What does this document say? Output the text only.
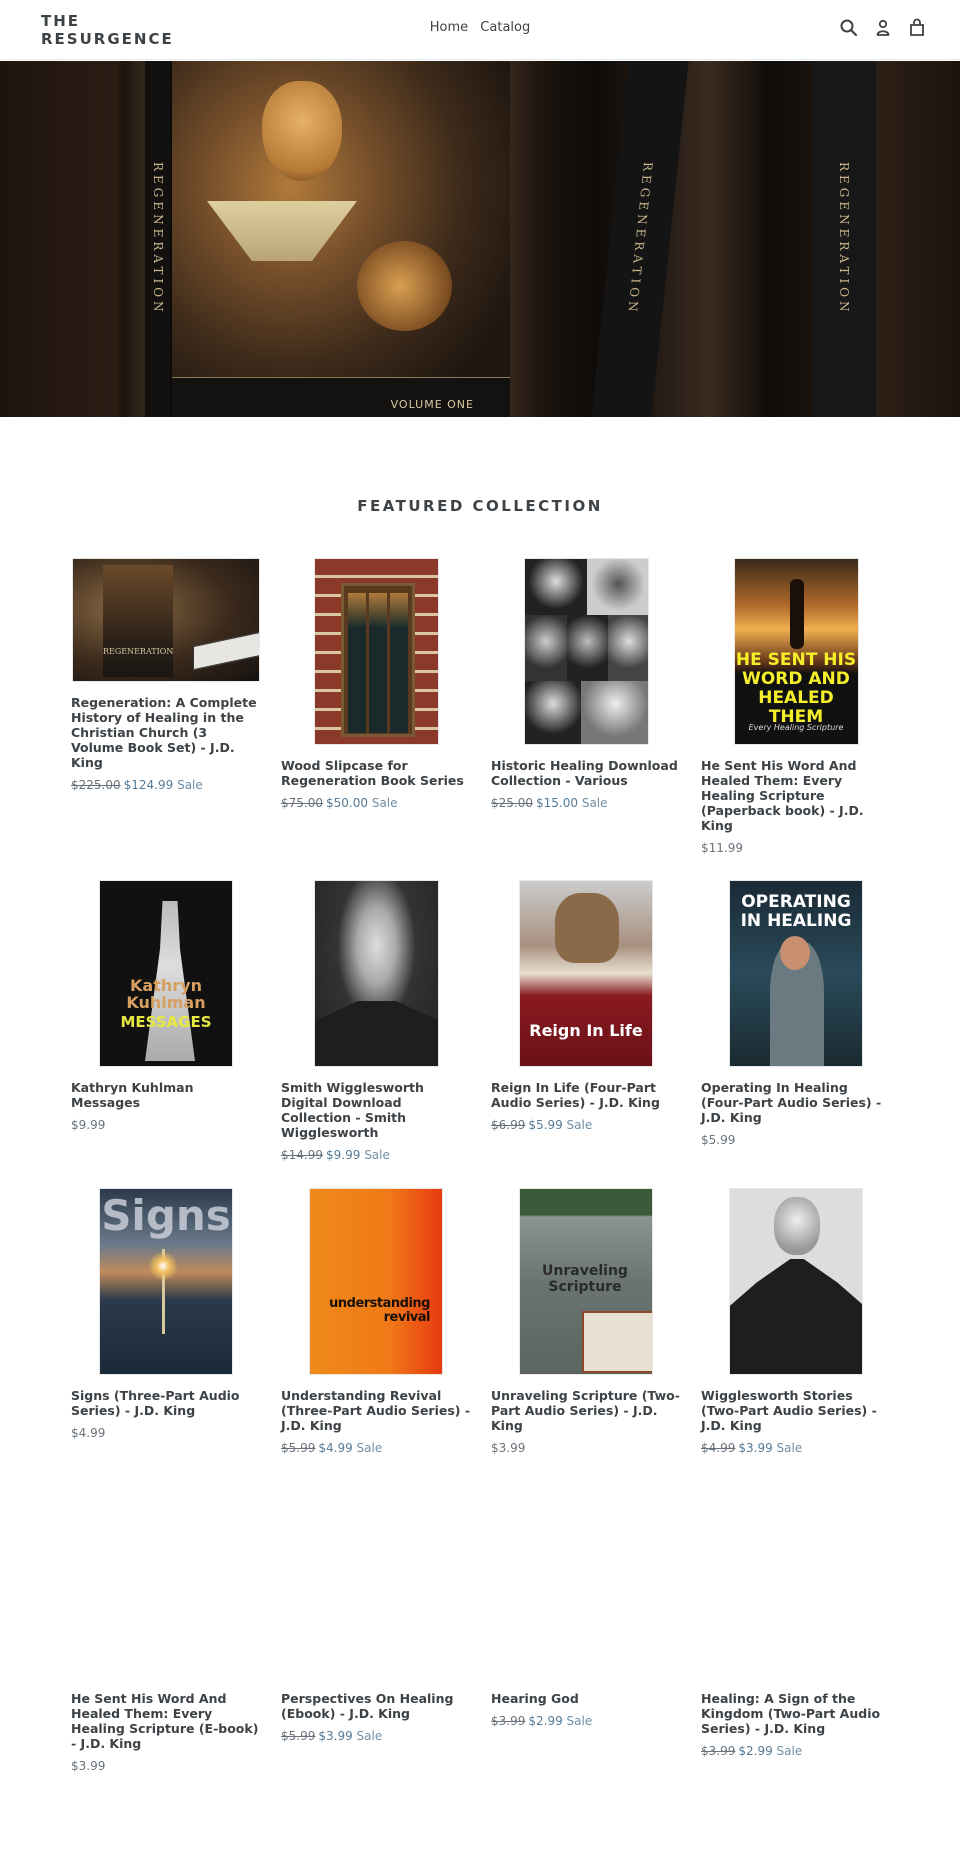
THE RESURGENCE
Home Catalog
REGENERATION
VOLUME ONE
REGENERATION	REGENERATION
FEATURED COLLECTION
REGENERATION
Regeneration: A Complete History of Healing in the Christian Church (3 Volume Book Set) - J.D. King
$225.00 $124.99 Sale
Wood Slipcase for Regeneration Book Series
$75.00 $50.00 Sale
Historic Healing Download Collection - Various
$25.00 $15.00 Sale
HE SENT HIS WORD AND HEALED THEM
Every Healing Scripture
He Sent His Word And Healed Them: Every Healing Scripture (Paperback book) - J.D. King
$11.99
Kathryn Kuhlman
MESSAGES
Kathryn Kuhlman Messages
$9.99
Smith Wigglesworth Digital Download Collection - Smith Wigglesworth
$14.99 $9.99 Sale
Reign In Life
Reign In Life (Four-Part Audio Series) - J.D. King
$6.99 $5.99 Sale
OPERATING IN HEALING
Operating In Healing (Four-Part Audio Series) - J.D. King
$5.99
Signs
Signs (Three-Part Audio Series) - J.D. King
$4.99
understanding revival
Understanding Revival (Three-Part Audio Series) - J.D. King
$5.99 $4.99 Sale
Unraveling Scripture
Unraveling Scripture (Two-Part Audio Series) - J.D. King
$3.99
Wigglesworth Stories (Two-Part Audio Series) - J.D. King
$4.99 $3.99 Sale
He Sent His Word And Healed Them: Every Healing Scripture (E-book) - J.D. King
$3.99
Perspectives On Healing (Ebook) - J.D. King
$5.99 $3.99 Sale
Hearing God
$3.99 $2.99 Sale
Healing: A Sign of the Kingdom (Two-Part Audio Series) - J.D. King
$3.99 $2.99 Sale
